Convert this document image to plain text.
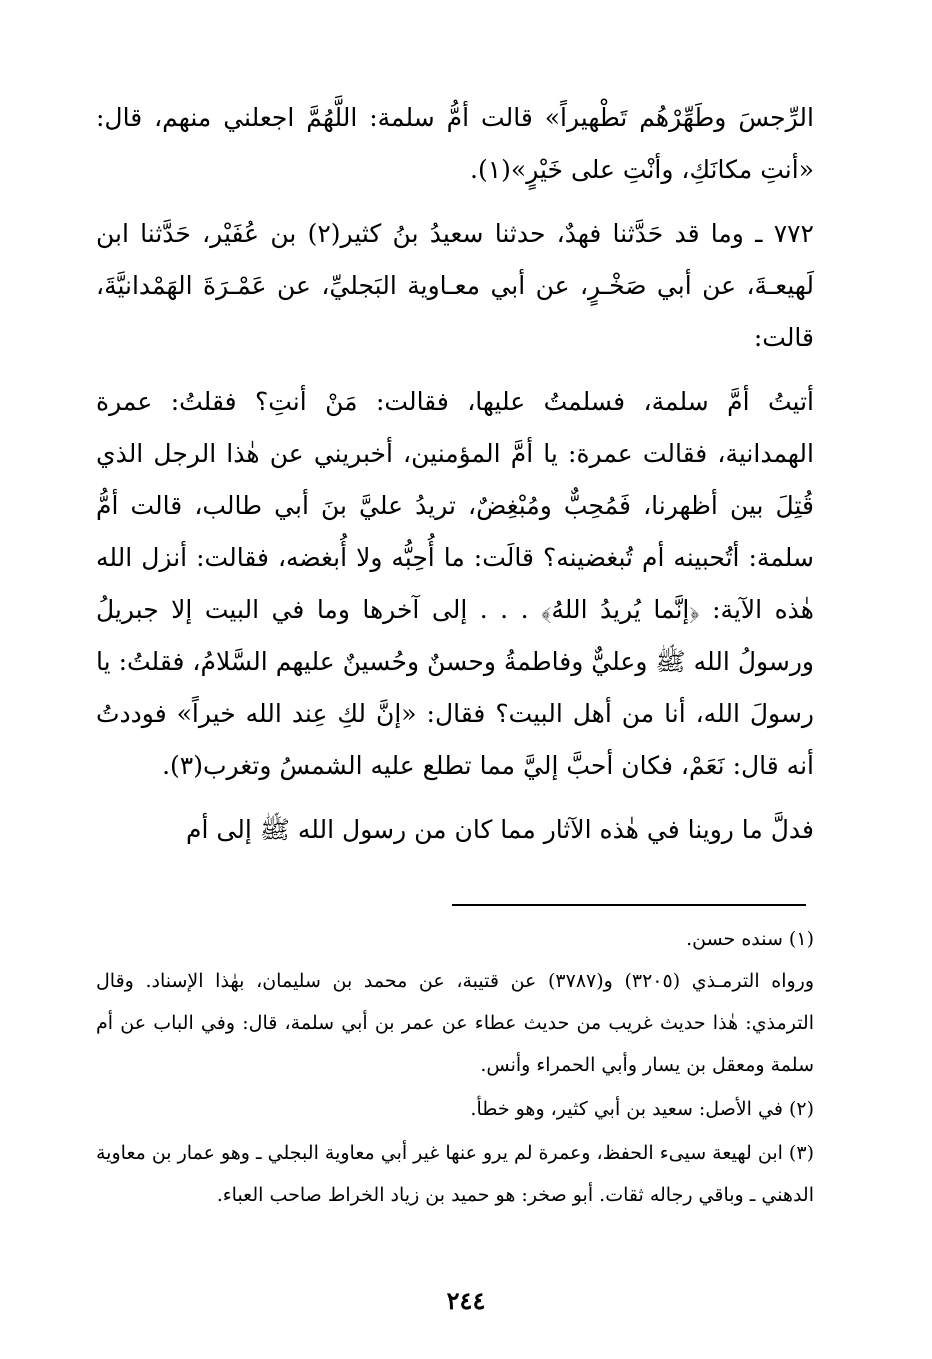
الرِّجسَ وطَهِّرْهُم تَطْهيراً» قالت أمُّ سلمة: اللَّهُمَّ اجعلني منهم، قال: «أنتِ مكانَكِ، وأنْتِ على خَيْرٍ»(١).

٧٧٢ ـ وما قد حَدَّثنا فهدٌ، حدثنا سعيدُ بنُ كثير(٢) بن عُفَيْر، حَدَّثنا ابن لَهيعـةَ، عن أبي صَخْـرٍ، عن أبي معـاوية البَجليِّ، عن عَمْـرَةَ الهَمْدانيَّةَ، قالت:

أتيتُ أمَّ سلمة، فسلمتُ عليها، فقالت: مَنْ أنتِ؟ فقلتُ: عمرة الهمدانية، فقالت عمرة: يا أمَّ المؤمنين، أخبريني عن هٰذا الرجل الذي قُتِلَ بين أظهرنا، فَمُحِبٌّ ومُبْغِضٌ، تريدُ عليَّ بنَ أبي طالب، قالت أمُّ سلمة: أتُحبينه أم تُبغضينه؟ قالَت: ما أُحِبُّه ولا أُبغضه، فقالت: أنزل الله هٰذه الآية: ﴿إنَّما يُريدُ اللهُ﴾ . . . إلى آخرها وما في البيت إلا جبريلُ ورسولُ الله ﷺ وعليٌّ وفاطمةُ وحسنٌ وحُسينٌ عليهم السَّلامُ، فقلتُ: يا رسولَ الله، أنا من أهل البيت؟ فقال: «إنَّ لكِ عِند الله خيراً» فوددتُ أنه قال: نَعَمْ، فكان أحبَّ إليَّ مما تطلع عليه الشمسُ وتغرب(٣).

فدلَّ ما روينا في هٰذه الآثار مما كان من رسول الله ﷺ إلى أم

(١) سنده حسن.

ورواه الترمـذي (٣٢٠٥) و(٣٧٨٧) عن قتيبة، عن محمد بن سليمان، بهٰذا الإسناد. وقال الترمذي: هٰذا حديث غريب من حديث عطاء عن عمر بن أبي سلمة، قال: وفي الباب عن أم سلمة ومعقل بن يسار وأبي الحمراء وأنس.

(٢) في الأصل: سعيد بن أبي كثير، وهو خطأ.

(٣) ابن لهيعة سيىء الحفظ، وعمرة لم يرو عنها غير أبي معاوية البجلي ـ وهو عمار بن معاوية الدهني ـ وباقي رجاله ثقات. أبو صخر: هو حميد بن زياد الخراط صاحب العباء.

٢٤٤
